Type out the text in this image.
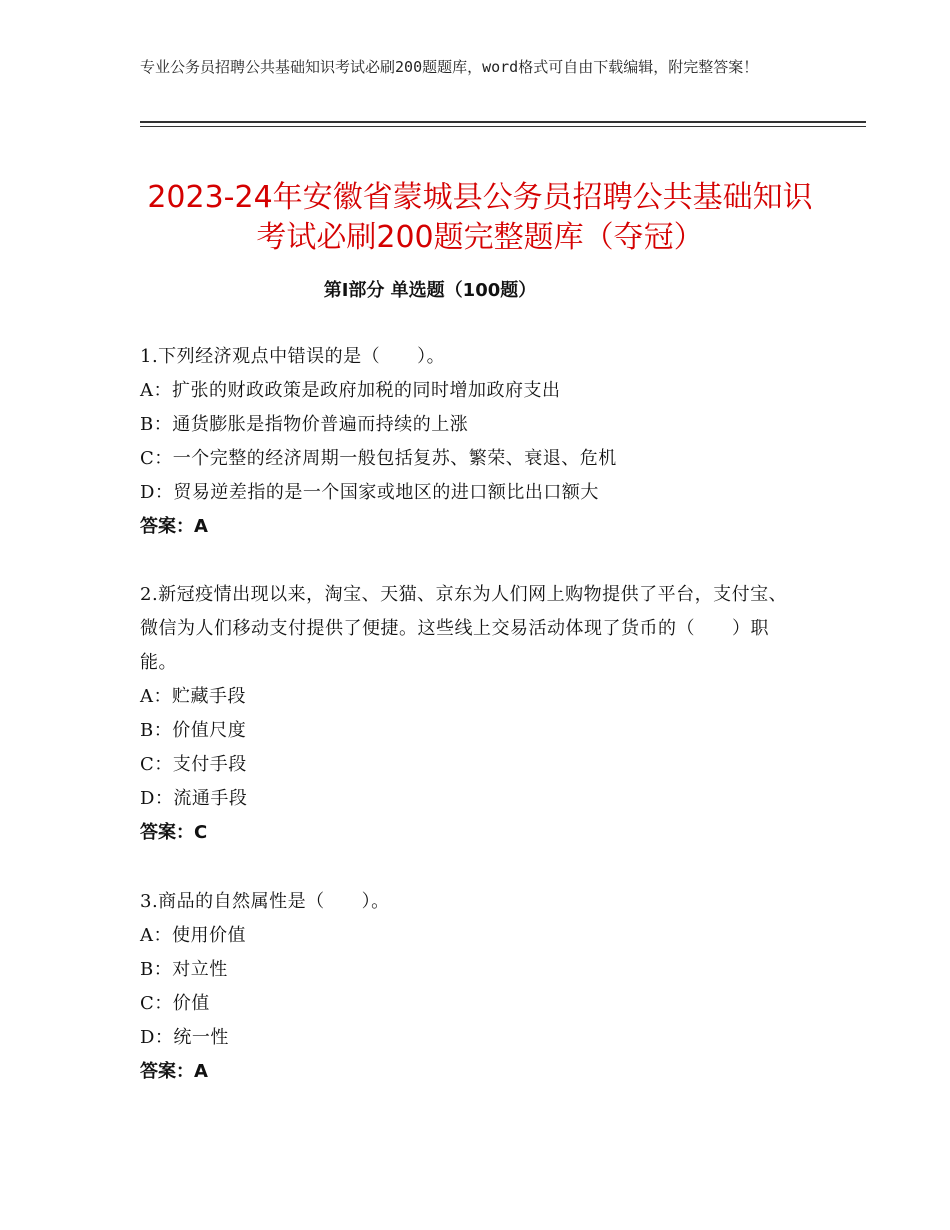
专业公务员招聘公共基础知识考试必刷200题题库，word格式可自由下载编辑，附完整答案！
2023-24年安徽省蒙城县公务员招聘公共基础知识考试必刷200题完整题库（夺冠）
第Ⅰ部分 单选题（100题）

1.下列经济观点中错误的是（　　）。

A：扩张的财政政策是政府加税的同时增加政府支出

B：通货膨胀是指物价普遍而持续的上涨

C：一个完整的经济周期一般包括复苏、繁荣、衰退、危机

D：贸易逆差指的是一个国家或地区的进口额比出口额大

答案：A

2.新冠疫情出现以来，淘宝、天猫、京东为人们网上购物提供了平台，支付宝、微信为人们移动支付提供了便捷。这些线上交易活动体现了货币的（　　）职能。

A：贮藏手段

B：价值尺度

C：支付手段

D：流通手段

答案：C

3.商品的自然属性是（　　）。

A：使用价值

B：对立性

C：价值

D：统一性

答案：A
